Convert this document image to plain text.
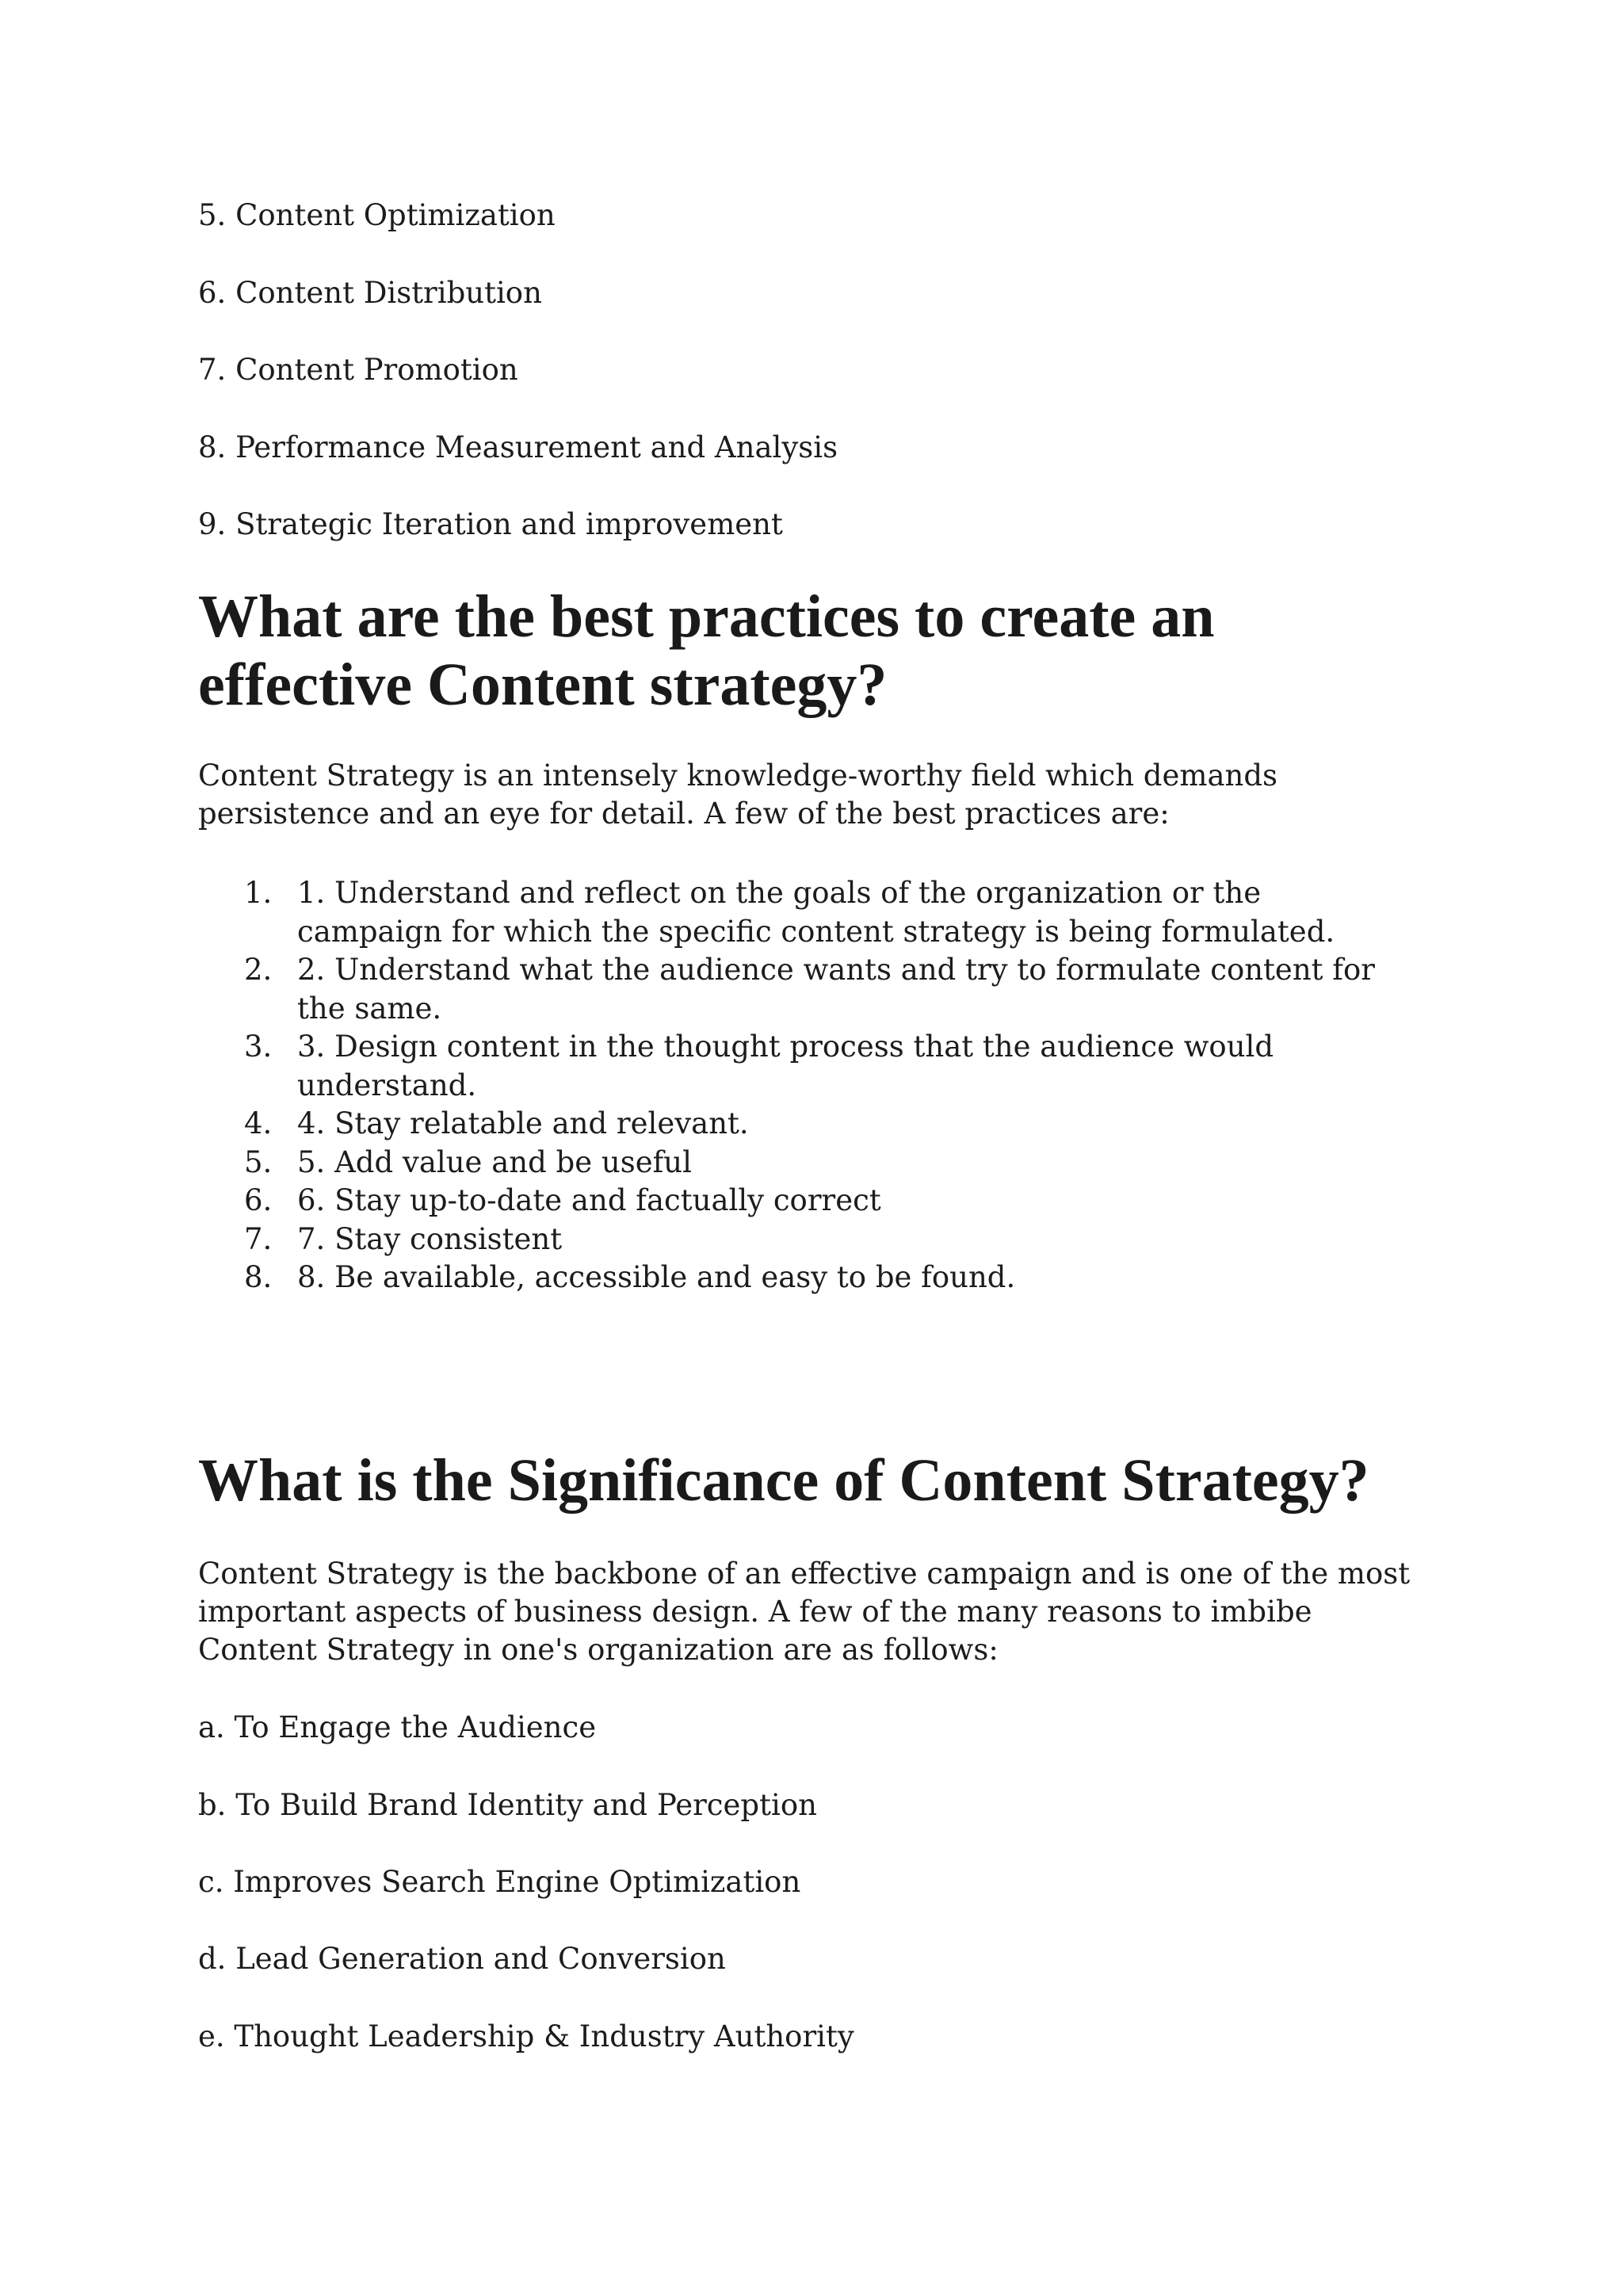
5. Content Optimization

6. Content Distribution

7. Content Promotion

8. Performance Measurement and Analysis

9. Strategic Iteration and improvement

What are the best practices to create an effective Content strategy?

Content Strategy is an intensely knowledge-worthy field which demands persistence and an eye for detail. A few of the best practices are:

1. 1. Understand and reflect on the goals of the organization or the campaign for which the specific content strategy is being formulated.
2. 2. Understand what the audience wants and try to formulate content for the same.
3. 3. Design content in the thought process that the audience would understand.
4. 4. Stay relatable and relevant.
5. 5. Add value and be useful
6. 6. Stay up-to-date and factually correct
7. 7. Stay consistent
8. 8. Be available, accessible and easy to be found.
What is the Significance of Content Strategy?

Content Strategy is the backbone of an effective campaign and is one of the most important aspects of business design. A few of the many reasons to imbibe Content Strategy in one's organization are as follows:

a. To Engage the Audience

b. To Build Brand Identity and Perception

c. Improves Search Engine Optimization

d. Lead Generation and Conversion

e. Thought Leadership & Industry Authority
